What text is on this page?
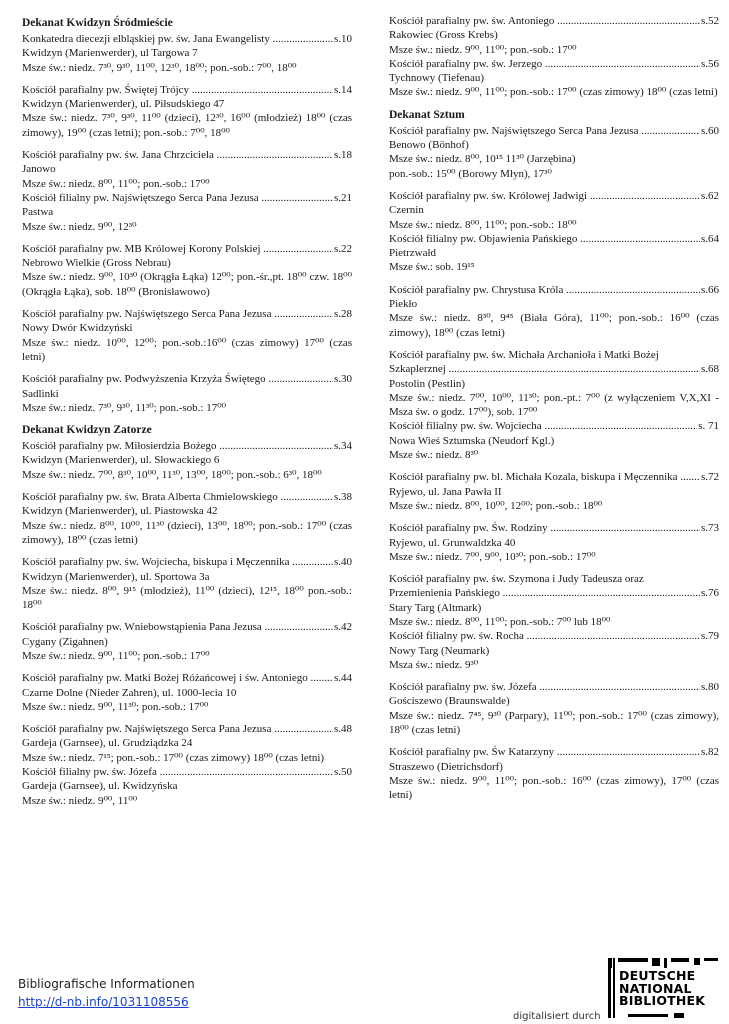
Dekanat Kwidzyn Śródmieście
Konkatedra diecezji elbląskiej pw. św. Jana Ewangelisty .....	s.10
Kwidzyn (Marienwerder), ul Targowa 7
Msze św.: niedz. 7³⁰, 9³⁰, 11⁰⁰, 12³⁰, 18⁰⁰; pon.-sob.: 7⁰⁰, 18⁰⁰
Kościół parafialny pw. Świętej Trójcy .....	s.14
Kwidzyn (Marienwerder), ul. Piłsudskiego 47
Msze św.: niedz. 7³⁰, 9³⁰, 11⁰⁰ (dzieci), 12³⁰, 16⁰⁰ (młodzież) 18⁰⁰ (czas zimowy), 19⁰⁰ (czas letni); pon.-sob.: 7⁰⁰, 18⁰⁰
Kościół parafialny pw. św. Jana Chrzciciela .....	s.18
Janowo
Msze św.: niedz. 8⁰⁰, 11⁰⁰; pon.-sob.: 17⁰⁰
Kościół filialny pw. Najświętszego Serca Pana Jezusa .....	s.21
Pastwa
Msze św.: niedz. 9⁰⁰, 12³⁰
Kościół parafialny pw. MB Królowej Korony Polskiej .....	s.22
Nebrowo Wielkie (Gross Nebrau)
Msze św.: niedz. 9⁰⁰, 10³⁰ (Okrągła Łąka) 12⁰⁰; pon.-śr.,pt. 18⁰⁰ czw. 18⁰⁰ (Okrągła Łąka), sob. 18⁰⁰ (Bronisławowo)
Kościół parafialny pw. Najświętszego Serca Pana Jezusa .....	s.28
Nowy Dwór Kwidzyński
Msze św.: niedz. 10⁰⁰, 12⁰⁰; pon.-sob.:16⁰⁰ (czas zimowy) 17⁰⁰ (czas letni)
Kościół parafialny pw. Podwyższenia Krzyża Świętego .....	s.30
Sadlinki
Msze św.: niedz. 7³⁰, 9³⁰, 11³⁰; pon.-sob.: 17⁰⁰
Dekanat Kwidzyn Zatorze
Kościół parafialny pw. Miłosierdzia Bożego .....	s.34
Kwidzyn (Marienwerder), ul. Słowackiego 6
Msze św.: niedz. 7⁰⁰, 8³⁰, 10⁰⁰, 11³⁰, 13⁰⁰, 18⁰⁰; pon.-sob.: 6³⁰, 18⁰⁰
Kościół parafialny pw. św. Brata Alberta Chmielowskiego .....	s.38
Kwidzyn (Marienwerder), ul. Piastowska 42
Msze św.: niedz. 8⁰⁰, 10⁰⁰, 11³⁰ (dzieci), 13⁰⁰, 18⁰⁰; pon.-sob.: 17⁰⁰ (czas zimowy), 18⁰⁰ (czas letni)
Kościół parafialny pw. św. Wojciecha, biskupa i Męczennika .....	s.40
Kwidzyn (Marienwerder), ul. Sportowa 3a
Msze św.: niedz. 8⁰⁰, 9¹⁵ (młodzież), 11⁰⁰ (dzieci), 12¹⁵, 18⁰⁰ pon.-sob.: 18⁰⁰
Kościół parafialny pw. Wniebowstąpienia Pana Jezusa .....	s.42
Cygany (Zigahnen)
Msze św.: niedz. 9⁰⁰, 11⁰⁰; pon.-sob.: 17⁰⁰
Kościół parafialny pw. Matki Bożej Różańcowej i św. Antoniego .....	s.44
Czarne Dolne (Nieder Zahren), ul. 1000-lecia 10
Msze św.: niedz. 9⁰⁰, 11³⁰; pon.-sob.: 17⁰⁰
Kościół parafialny pw. Najświętszego Serca Pana Jezusa .....	s.48
Gardeja (Garnsee), ul. Grudziądzka 24
Msze św.: niedz. 7¹⁵; pon.-sob.: 17⁰⁰ (czas zimowy) 18⁰⁰ (czas letni)
Kościół filialny pw. św. Józefa .....	s.50
Gardeja (Garnsee), ul. Kwidzyńska
Msze św.: niedz. 9⁰⁰, 11⁰⁰
Kościół parafialny pw. św. Antoniego .....	s.52
Rakowiec (Gross Krebs)
Msze św.: niedz. 9⁰⁰, 11⁰⁰; pon.-sob.: 17⁰⁰
Kościół parafialny pw. św. Jerzego .....	s.56
Tychnowy (Tiefenau)
Msze św.: niedz. 9⁰⁰, 11⁰⁰; pon.-sob.: 17⁰⁰ (czas zimowy) 18⁰⁰ (czas letni)
Dekanat Sztum
Kościół parafialny pw. Najświętszego Serca Pana Jezusa .....	s.60
Benowo (Bönhof)
Msze św.: niedz. 8⁰⁰, 10¹⁵ 11³⁰ (Jarzębina)
pon.-sob.: 15⁰⁰ (Borowy Młyn), 17³⁰
Kościół parafialny pw. św. Królowej Jadwigi .....	s.62
Czernin
Msze św.: niedz. 8⁰⁰, 11⁰⁰; pon.-sob.: 18⁰⁰
Kościół filialny pw. Objawienia Pańskiego .....	s.64
Pietrzwałd
Msze św.: sob. 19¹⁵
Kościół parafialny pw. Chrystusa Króla .....	s.66
Piekło
Msze św.: niedz. 8³⁰, 9⁴⁵ (Biała Góra), 11⁰⁰; pon.-sob.: 16⁰⁰ (czas zimowy), 18⁰⁰ (czas letni)
Kościół parafialny pw. św. Michała Archanioła i Matki Bożej
Szkaplerznej .....	s.68
Postolin (Pestlin)
Msze św.: niedz. 7⁰⁰, 10⁰⁰, 11³⁰; pon.-pt.: 7⁰⁰ (z wyłączeniem V,X,XI - Msza św. o godz. 17⁰⁰), sob. 17⁰⁰
Kościół filialny pw. św. Wojciecha .....	s. 71
Nowa Wieś Sztumska (Neudorf Kgl.)
Msze św.: niedz. 8³⁰
Kościół parafialny pw. bl. Michała Kozala, biskupa i Męczennika .....	s.72
Ryjewo, ul. Jana Pawła II
Msze św.: niedz. 8⁰⁰, 10⁰⁰, 12⁰⁰; pon.-sob.: 18⁰⁰
Kościół parafialny pw. Św. Rodziny .....	s.73
Ryjewo, ul. Grunwaldzka 40
Msze św.: niedz. 7⁰⁰, 9⁰⁰, 10³⁰; pon.-sob.: 17⁰⁰
Kościół parafialny pw. św. Szymona i Judy Tadeusza oraz
Przemienienia Pańskiego .....	s.76
Stary Targ (Altmark)
Msze św.: niedz. 8⁰⁰, 11⁰⁰; pon.-sob.: 7⁰⁰ lub 18⁰⁰
Kościół filialny pw. św. Rocha .....	s.79
Nowy Targ (Neumark)
Msza św.: niedz. 9³⁰
Kościół parafialny pw. św. Józefa .....	s.80
Gościszewo (Braunswalde)
Msze św.: niedz. 7⁴⁵, 9³⁰ (Parpary), 11⁰⁰; pon.-sob.: 17⁰⁰ (czas zimowy), 18⁰⁰ (czas letni)
Kościół parafialny pw. Św Katarzyny .....	s.82
Straszewo (Dietrichsdorf)
Msze św.: niedz. 9⁰⁰, 11⁰⁰; pon.-sob.: 16⁰⁰ (czas zimowy), 17⁰⁰ (czas letni)
Bibliografische Informationen
http://d-nb.info/1031108556
digitalisiert durch
DEUTSCHE
NATIONAL
BIBLIOTHEK
